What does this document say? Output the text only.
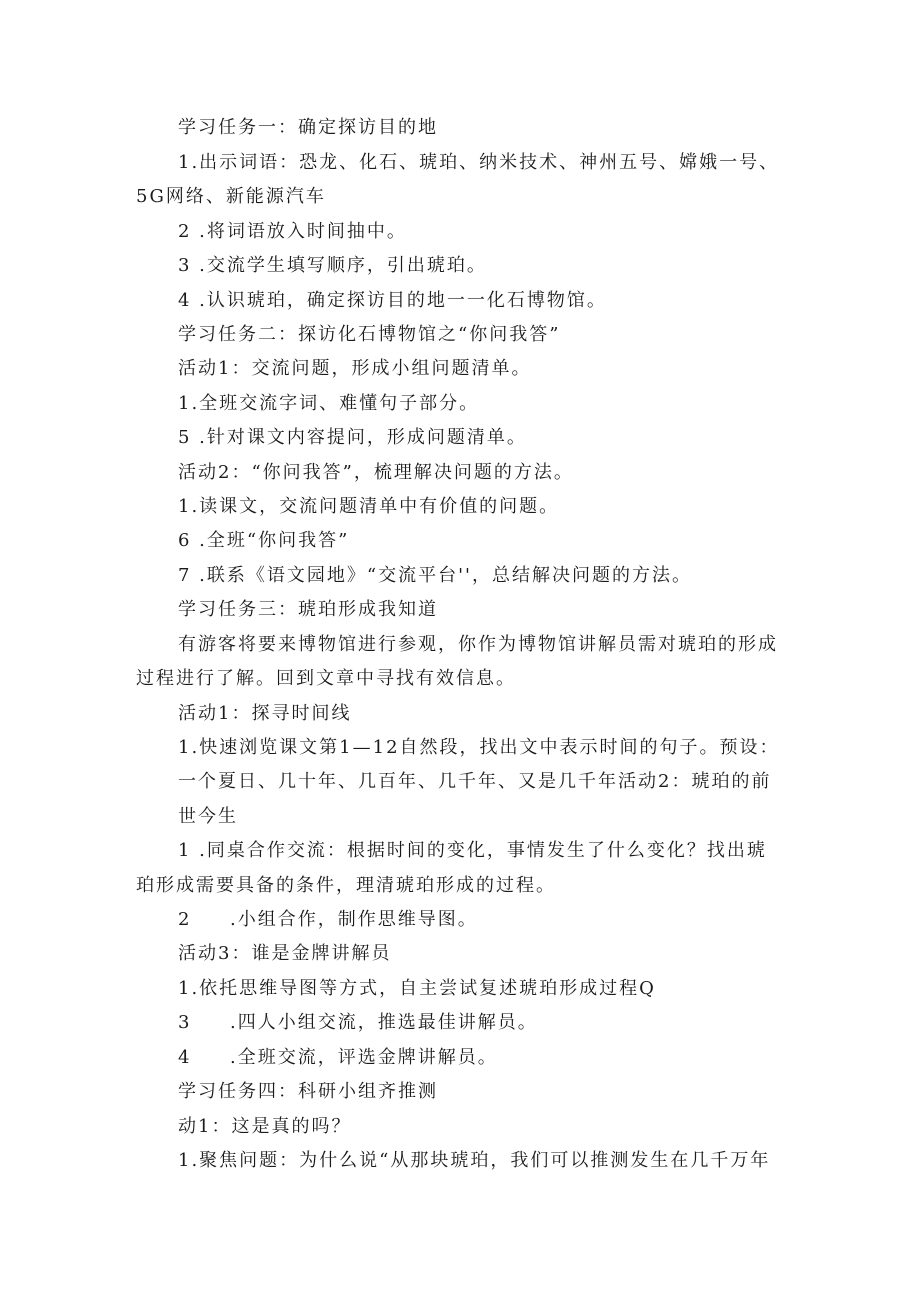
学习任务一：确定探访目的地
1.出示词语：恐龙、化石、琥珀、纳米技术、神州五号、嫦娥一号、
5G网络、新能源汽车
2 .将词语放入时间抽中。
3 .交流学生填写顺序，引出琥珀。
4 .认识琥珀，确定探访目的地一一化石博物馆。
学习任务二：探访化石博物馆之“你问我答”
活动1：交流问题，形成小组问题清单。
1.全班交流字词、难懂句子部分。
5 .针对课文内容提问，形成问题清单。
活动2：“你问我答”，梳理解决问题的方法。
1.读课文，交流问题清单中有价值的问题。
6 .全班“你问我答”
7 .联系《语文园地》“交流平台''，总结解决问题的方法。
学习任务三：琥珀形成我知道
有游客将要来博物馆进行参观，你作为博物馆讲解员需对琥珀的形成
过程进行了解。回到文章中寻找有效信息。
活动1：探寻时间线
1.快速浏览课文第1—12自然段，找出文中表示时间的句子。预设：
一个夏日、几十年、几百年、几千年、又是几千年活动2：琥珀的前
世今生
1 .同桌合作交流：根据时间的变化，事情发生了什么变化？找出琥
珀形成需要具备的条件，理清琥珀形成的过程。
2     .小组合作，制作思维导图。
活动3：谁是金牌讲解员
1.依托思维导图等方式，自主尝试复述琥珀形成过程Q
3     .四人小组交流，推选最佳讲解员。
4     .全班交流，评选金牌讲解员。
学习任务四：科研小组齐推测
动1：这是真的吗？
1.聚焦问题：为什么说“从那块琥珀，我们可以推测发生在几千万年
